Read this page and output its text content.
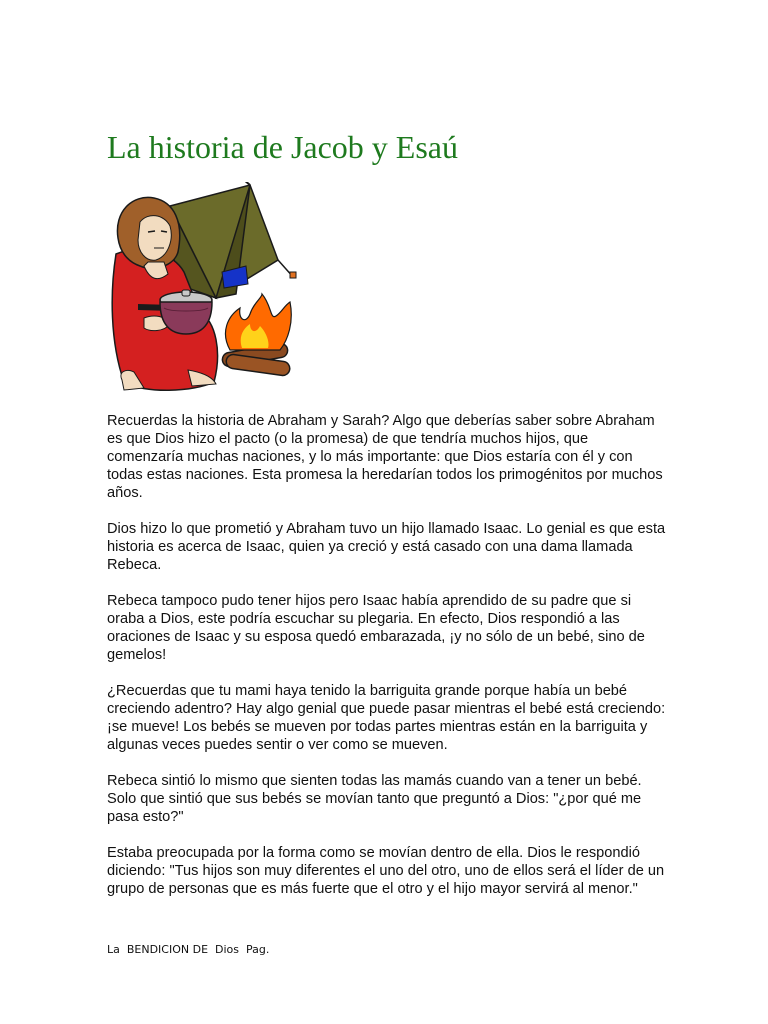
La historia de Jacob y Esaú

Recuerdas la historia de Abraham y Sarah? Algo que deberías saber sobre Abraham es que Dios hizo el pacto (o la promesa) de que tendría muchos hijos, que comenzaría muchas naciones, y lo más importante: que Dios estaría con él y con todas estas naciones. Esta promesa la heredarían todos los primogénitos por muchos años.

Dios hizo lo que prometió y Abraham tuvo un hijo llamado Isaac. Lo genial es que esta historia es acerca de Isaac, quien ya creció y está casado con una dama llamada Rebeca.

Rebeca tampoco pudo tener hijos pero Isaac había aprendido de su padre que si oraba a Dios, este podría escuchar su plegaria. En efecto, Dios respondió a las oraciones de Isaac y su esposa quedó embarazada, ¡y no sólo de un bebé, sino de gemelos!

¿Recuerdas que tu mami haya tenido la barriguita grande porque había un bebé creciendo adentro? Hay algo genial que puede pasar mientras el bebé está creciendo: ¡se mueve! Los bebés se mueven por todas partes mientras están en la barriguita y algunas veces puedes sentir o ver como se mueven.

Rebeca sintió lo mismo que sienten todas las mamás cuando van a tener un bebé. Solo que sintió que sus bebés se movían tanto que preguntó a Dios: "¿por qué me pasa esto?"

Estaba preocupada por la forma como se movían dentro de ella. Dios le respondió diciendo: "Tus hijos son muy diferentes el uno del otro, uno de ellos será el líder de un grupo de personas que es más fuerte que el otro y el hijo mayor servirá al menor."

La  BENDICION DE  Dios  Pag.
